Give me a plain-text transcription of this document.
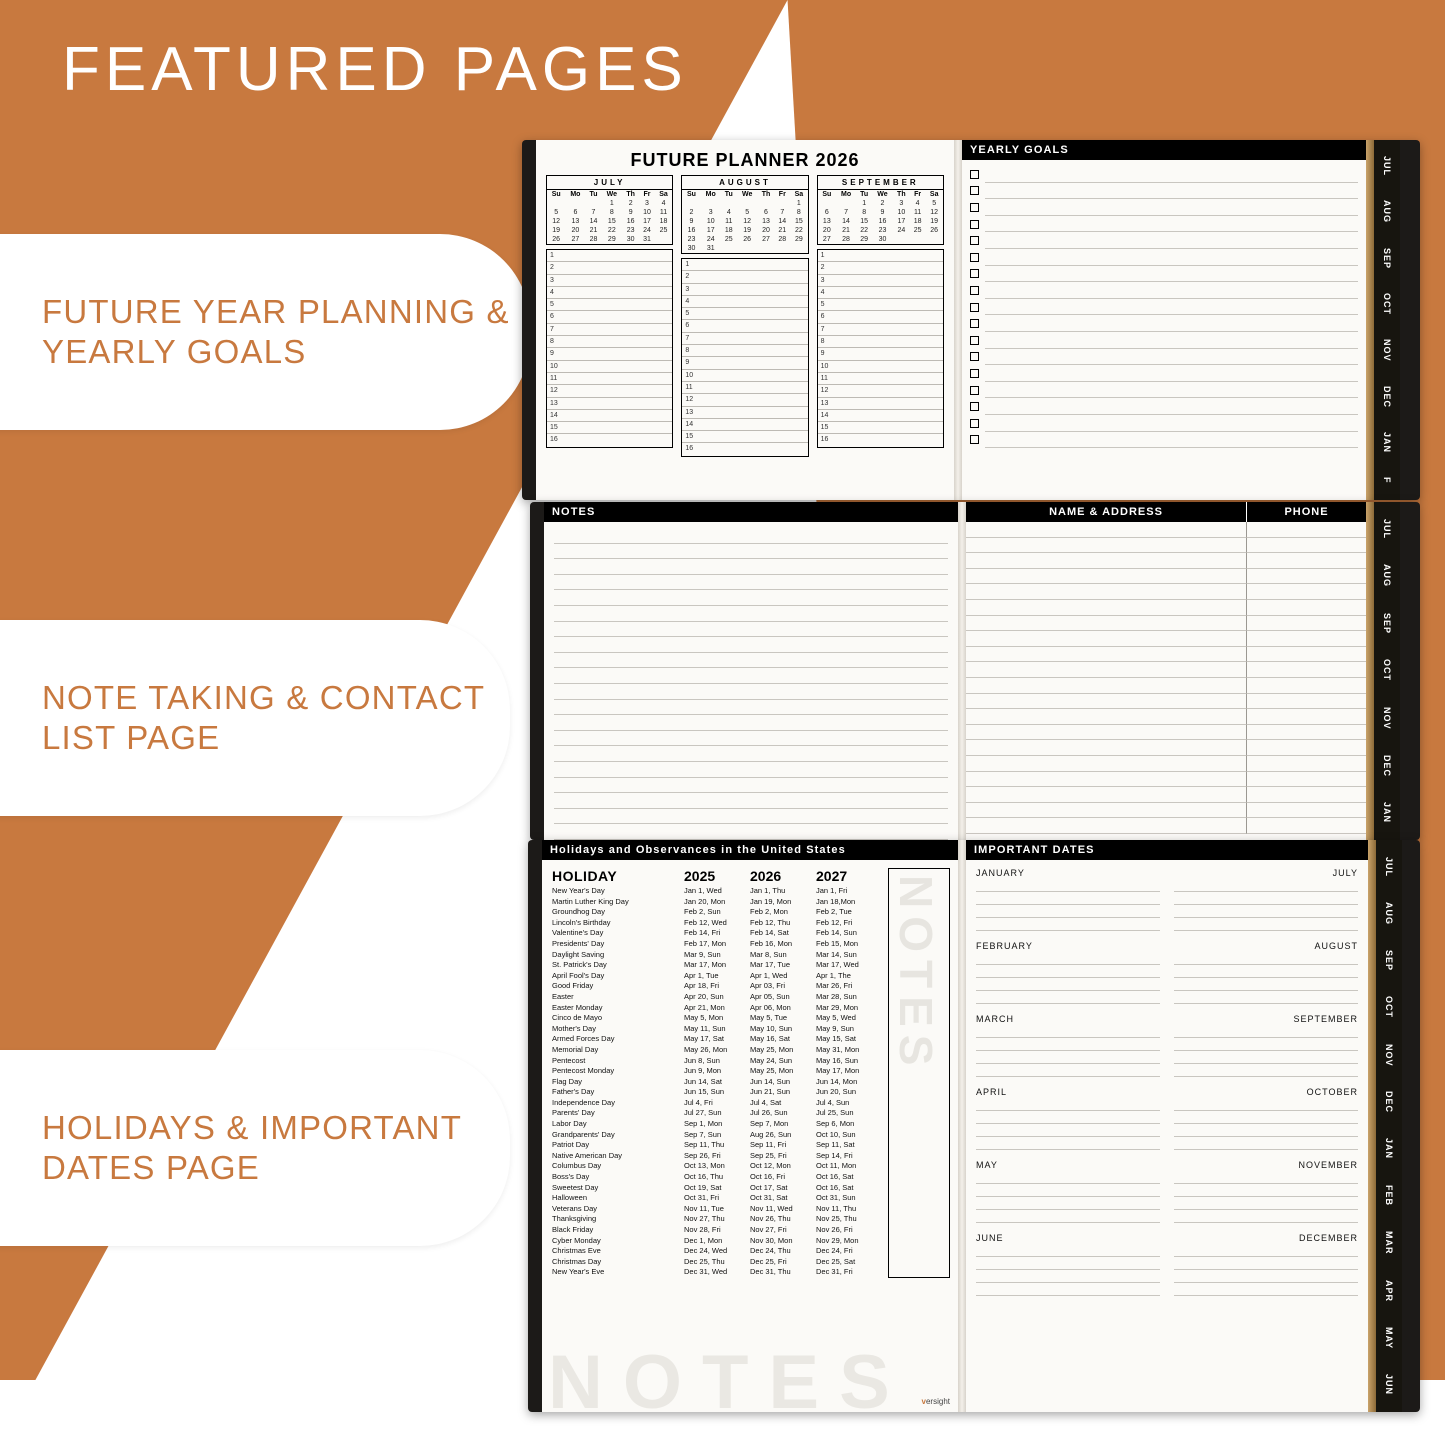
FEATURED PAGES
FUTURE YEAR PLANNING & YEARLY GOALS
NOTE TAKING & CONTACT LIST PAGE
HOLIDAYS & IMPORTANT DATES PAGE
FUTURE PLANNER 2026
JULY
Su	Mo	Tu	We	Th	Fr	Sa
			1	2	3	4
5	6	7	8	9	10	11
12	13	14	15	16	17	18
19	20	21	22	23	24	25
26	27	28	29	30	31	
1
2
3
4
5
6
7
8
9
10
11
12
13
14
15
16
AUGUST
Su	Mo	Tu	We	Th	Fr	Sa
						1
2	3	4	5	6	7	8
9	10	11	12	13	14	15
16	17	18	19	20	21	22
23	24	25	26	27	28	29
30	31					
1
2
3
4
5
6
7
8
9
10
11
12
13
14
15
16
SEPTEMBER
Su	Mo	Tu	We	Th	Fr	Sa
		1	2	3	4	5
6	7	8	9	10	11	12
13	14	15	16	17	18	19
20	21	22	23	24	25	26
27	28	29	30			
1
2
3
4
5
6
7
8
9
10
11
12
13
14
15
16
YEARLY GOALS
JUL
AUG
SEP
OCT
NOV
DEC
JAN
F
NOTES	NAME & ADDRESS	PHONE
JUL
AUG
SEP
OCT
NOV
DEC
JAN
Holidays and Observances in the United States
HOLIDAY	2025	2026	2027
New Year's Day	Jan 1, Wed	Jan 1, Thu	Jan 1, Fri
Martin Luther King Day	Jan 20, Mon	Jan 19, Mon	Jan 18,Mon
Groundhog Day	Feb 2, Sun	Feb 2, Mon	Feb 2, Tue
Lincoln's Birthday	Feb 12, Wed	Feb 12, Thu	Feb 12, Fri
Valentine's Day	Feb 14, Fri	Feb 14, Sat	Feb 14, Sun
Presidents' Day	Feb 17, Mon	Feb 16, Mon	Feb 15, Mon
Daylight Saving	Mar 9, Sun	Mar 8, Sun	Mar 14, Sun
St. Patrick's Day	Mar 17, Mon	Mar 17, Tue	Mar 17, Wed
April Fool's Day	Apr 1, Tue	Apr 1, Wed	Apr 1, The
Good Friday	Apr 18, Fri	Apr 03, Fri	Mar 26, Fri
Easter	Apr 20, Sun	Apr 05, Sun	Mar 28, Sun
Easter Monday	Apr 21, Mon	Apr 06, Mon	Mar 29, Mon
Cinco de Mayo	May 5, Mon	May 5, Tue	May 5, Wed
Mother's Day	May 11, Sun	May 10, Sun	May 9, Sun
Armed Forces Day	May 17, Sat	May 16, Sat	May 15, Sat
Memorial Day	May 26, Mon	May 25, Mon	May 31, Mon
Pentecost	Jun 8, Sun	May 24, Sun	May 16, Sun
Pentecost Monday	Jun 9, Mon	May 25, Mon	May 17, Mon
Flag Day	Jun 14, Sat	Jun 14, Sun	Jun 14, Mon
Father's Day	Jun 15, Sun	Jun 21, Sun	Jun 20, Sun
Independence Day	Jul 4, Fri	Jul 4, Sat	Jul 4, Sun
Parents' Day	Jul 27, Sun	Jul 26, Sun	Jul 25, Sun
Labor Day	Sep 1, Mon	Sep 7, Mon	Sep 6, Mon
Grandparents' Day	Sep 7, Sun	Aug 26, Sun	Oct 10, Sun
Patriot Day	Sep 11, Thu	Sep 11, Fri	Sep 11, Sat
Native American Day	Sep 26, Fri	Sep 25, Fri	Sep 14, Fri
Columbus Day	Oct 13, Mon	Oct 12, Mon	Oct 11, Mon
Boss's Day	Oct 16, Thu	Oct 16, Fri	Oct 16, Sat
Sweetest Day	Oct 19, Sat	Oct 17, Sat	Oct 16, Sat
Halloween	Oct 31, Fri	Oct 31, Sat	Oct 31, Sun
Veterans Day	Nov 11, Tue	Nov 11, Wed	Nov 11, Thu
Thanksgiving	Nov 27, Thu	Nov 26, Thu	Nov 25, Thu
Black Friday	Nov 28, Fri	Nov 27, Fri	Nov 26, Fri
Cyber Monday	Dec 1, Mon	Nov 30, Mon	Nov 29, Mon
Christmas Eve	Dec 24, Wed	Dec 24, Thu	Dec 24, Fri
Christmas Day	Dec 25, Thu	Dec 25, Fri	Dec 25, Sat
New Year's Eve	Dec 31, Wed	Dec 31, Thu	Dec 31, Fri
NOTES
NOTES versight
IMPORTANT DATES
JANUARY
FEBRUARY
MARCH
APRIL
MAY
JUNE
JULY
AUGUST
SEPTEMBER
OCTOBER
NOVEMBER
DECEMBER
JUL
AUG
SEP
OCT
NOV
DEC
JAN
FEB
MAR
APR
MAY
JUN
